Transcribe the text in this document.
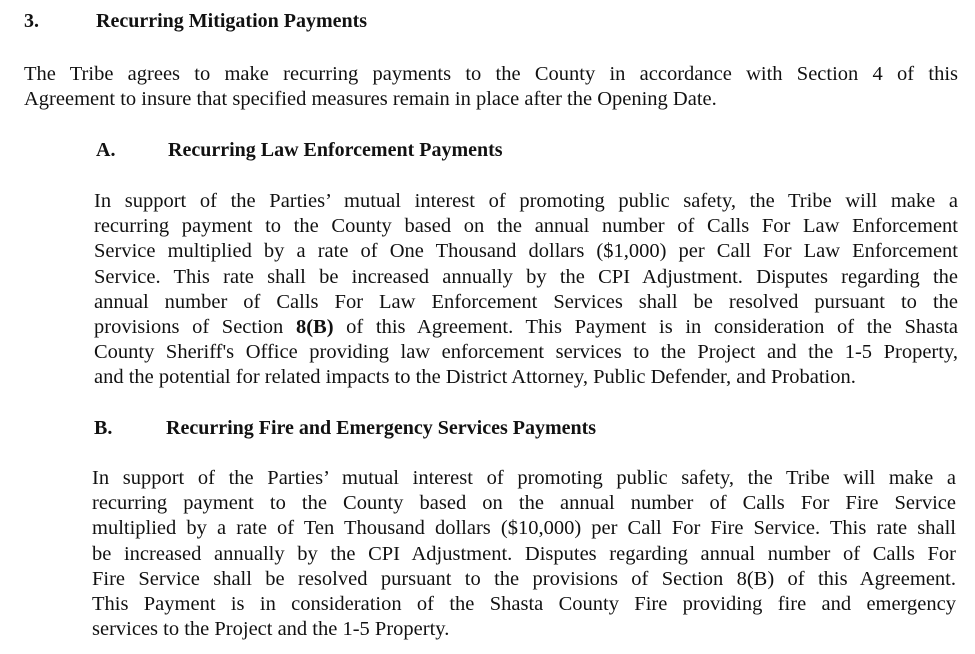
3.	Recurring Mitigation Payments
The Tribe agrees to make recurring payments to the County in accordance with Section 4 of this
Agreement to insure that specified measures remain in place after the Opening Date.
A.	Recurring Law Enforcement Payments
In support of the Parties’ mutual interest of promoting public safety, the Tribe will make a
recurring payment to the County based on the annual number of Calls For Law Enforcement
Service multiplied by a rate of One Thousand dollars ($1,000) per Call For Law Enforcement
Service. This rate shall be increased annually by the CPI Adjustment. Disputes regarding the
annual number of Calls For Law Enforcement Services shall be resolved pursuant to the
provisions of Section 8(B) of this Agreement. This Payment is in consideration of the Shasta
County Sheriff's Office providing law enforcement services to the Project and the 1-5 Property,
and the potential for related impacts to the District Attorney, Public Defender, and Probation.
B.	Recurring Fire and Emergency Services Payments
In support of the Parties’ mutual interest of promoting public safety, the Tribe will make a
recurring payment to the County based on the annual number of Calls For Fire Service
multiplied by a rate of Ten Thousand dollars ($10,000) per Call For Fire Service. This rate shall
be increased annually by the CPI Adjustment. Disputes regarding annual number of Calls For
Fire Service shall be resolved pursuant to the provisions of Section 8(B) of this Agreement.
This Payment is in consideration of the Shasta County Fire providing fire and emergency
services to the Project and the 1-5 Property.
